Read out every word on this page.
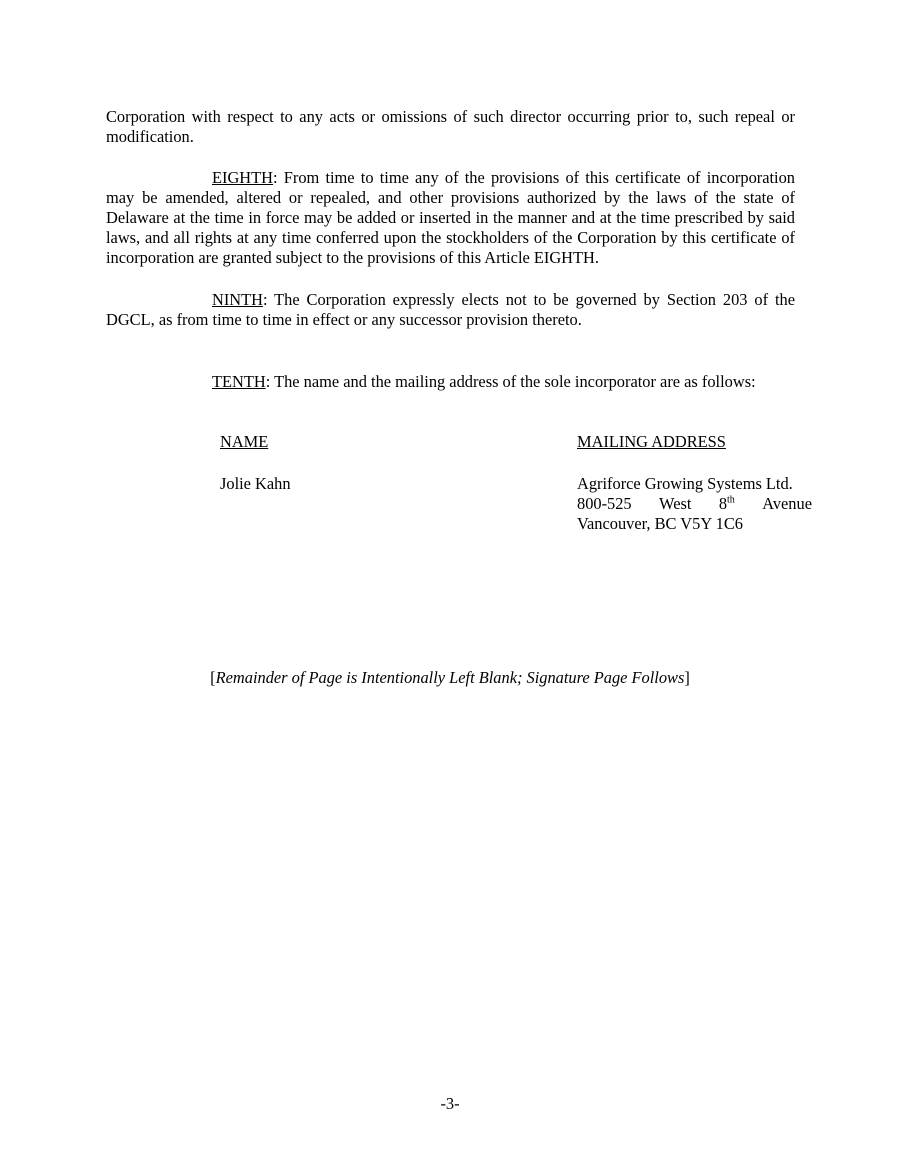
Corporation with respect to any acts or omissions of such director occurring prior to, such repeal or modification.

EIGHTH: From time to time any of the provisions of this certificate of incorporation may be amended, altered or repealed, and other provisions authorized by the laws of the state of Delaware at the time in force may be added or inserted in the manner and at the time prescribed by said laws, and all rights at any time conferred upon the stockholders of the Corporation by this certificate of incorporation are granted subject to the provisions of this Article EIGHTH.

NINTH: The Corporation expressly elects not to be governed by Section 203 of the DGCL, as from time to time in effect or any successor provision thereto.

TENTH: The name and the mailing address of the sole incorporator are as follows:

NAME	MAILING ADDRESS

Jolie Kahn	Agriforce Growing Systems Ltd.
800-525 West 8th Avenue
Vancouver, BC V5Y 1C6

[Remainder of Page is Intentionally Left Blank; Signature Page Follows]

-3-
